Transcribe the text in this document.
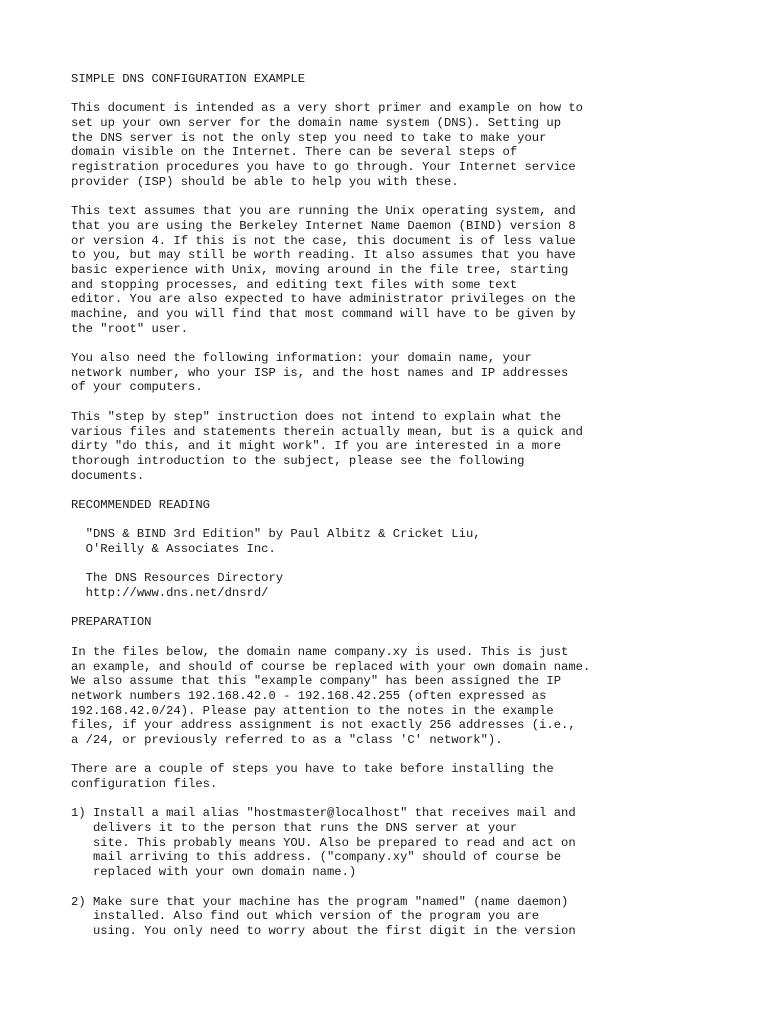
SIMPLE DNS CONFIGURATION EXAMPLE
This document is intended as a very short primer and example on how to
set up your own server for the domain name system (DNS). Setting up
the DNS server is not the only step you need to take to make your
domain visible on the Internet. There can be several steps of
registration procedures you have to go through. Your Internet service
provider (ISP) should be able to help you with these.
This text assumes that you are running the Unix operating system, and
that you are using the Berkeley Internet Name Daemon (BIND) version 8
or version 4. If this is not the case, this document is of less value
to you, but may still be worth reading. It also assumes that you have
basic experience with Unix, moving around in the file tree, starting
and stopping processes, and editing text files with some text
editor. You are also expected to have administrator privileges on the
machine, and you will find that most command will have to be given by
the "root" user.
You also need the following information: your domain name, your
network number, who your ISP is, and the host names and IP addresses
of your computers.
This "step by step" instruction does not intend to explain what the
various files and statements therein actually mean, but is a quick and
dirty "do this, and it might work". If you are interested in a more
thorough introduction to the subject, please see the following
documents.
RECOMMENDED READING
"DNS & BIND 3rd Edition" by Paul Albitz & Cricket Liu,
O'Reilly & Associates Inc.
The DNS Resources Directory
http://www.dns.net/dnsrd/
PREPARATION
In the files below, the domain name company.xy is used. This is just
an example, and should of course be replaced with your own domain name.
We also assume that this "example company" has been assigned the IP
network numbers 192.168.42.0 - 192.168.42.255 (often expressed as
192.168.42.0/24). Please pay attention to the notes in the example
files, if your address assignment is not exactly 256 addresses (i.e.,
a /24, or previously referred to as a "class 'C' network").
There are a couple of steps you have to take before installing the
configuration files.
1) Install a mail alias "hostmaster@localhost" that receives mail and
delivers it to the person that runs the DNS server at your
site. This probably means YOU. Also be prepared to read and act on
mail arriving to this address. ("company.xy" should of course be
replaced with your own domain name.)
2) Make sure that your machine has the program "named" (name daemon)
installed. Also find out which version of the program you are
using. You only need to worry about the first digit in the version
